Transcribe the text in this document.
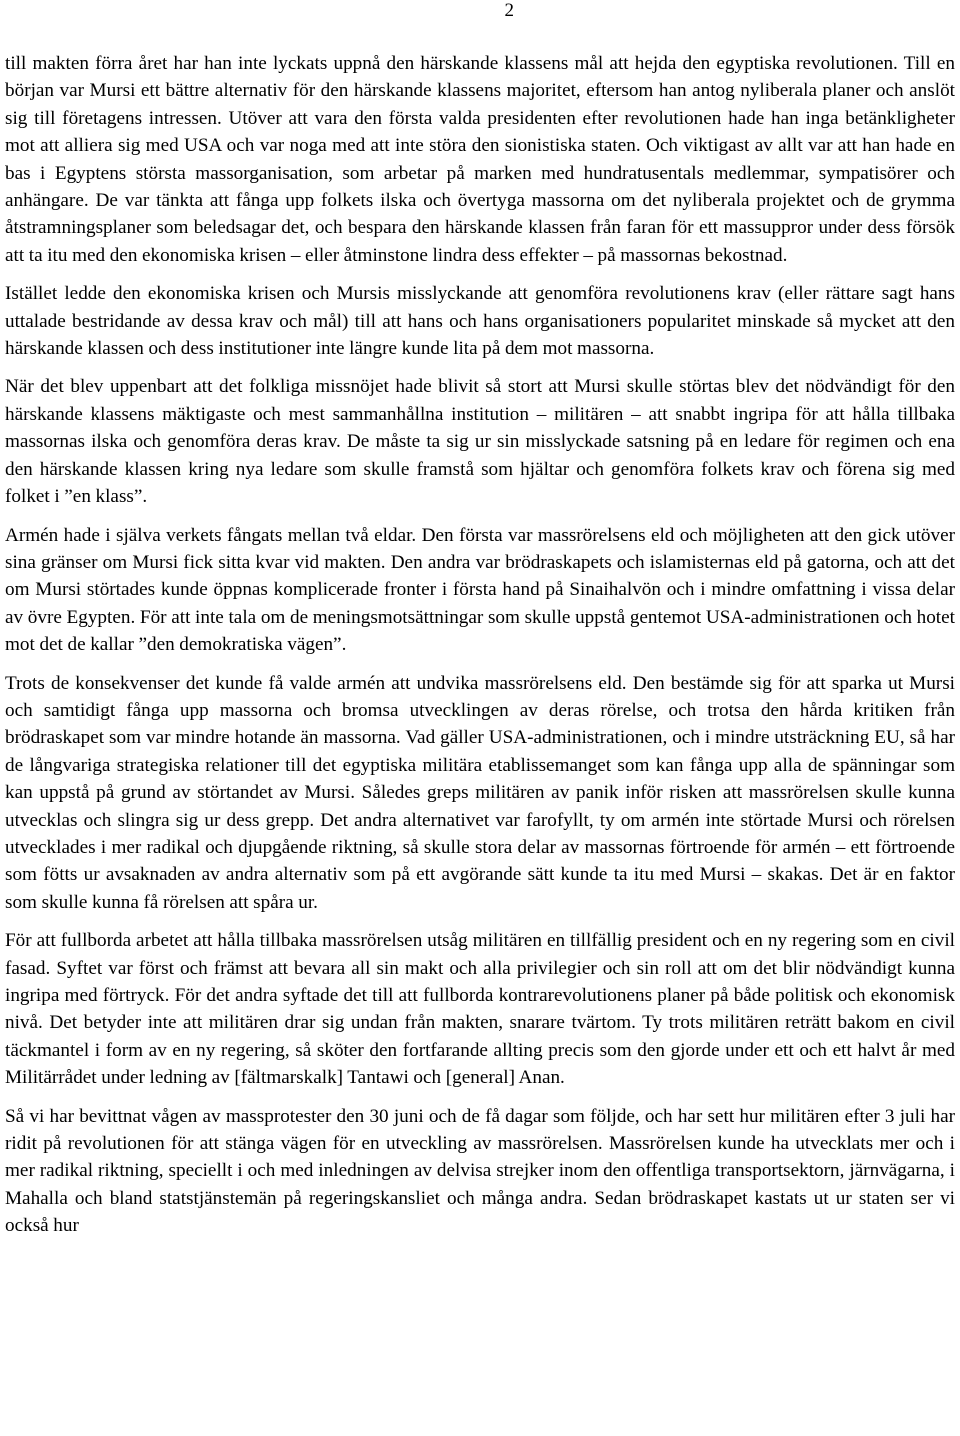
2

till makten förra året har han inte lyckats uppnå den härskande klassens mål att hejda den egyptiska revolutionen. Till en början var Mursi ett bättre alternativ för den härskande klassens majoritet, eftersom han antog nyliberala planer och anslöt sig till företagens intressen. Utöver att vara den första valda presidenten efter revolutionen hade han inga betänkligheter mot att alliera sig med USA och var noga med att inte störa den sionistiska staten. Och viktigast av allt var att han hade en bas i Egyptens största massorganisation, som arbetar på marken med hundratusentals medlemmar, sympatisörer och anhängare. De var tänkta att fånga upp folkets ilska och övertyga massorna om det nyliberala projektet och de grymma åtstramningsplaner som beledsagar det, och bespara den härskande klassen från faran för ett massuppror under dess försök att ta itu med den ekonomiska krisen – eller åtminstone lindra dess effekter – på massornas bekostnad.

Istället ledde den ekonomiska krisen och Mursis misslyckande att genomföra revolutionens krav (eller rättare sagt hans uttalade bestridande av dessa krav och mål) till att hans och hans organisationers popularitet minskade så mycket att den härskande klassen och dess institutioner inte längre kunde lita på dem mot massorna.

När det blev uppenbart att det folkliga missnöjet hade blivit så stort att Mursi skulle störtas blev det nödvändigt för den härskande klassens mäktigaste och mest sammanhållna institution – militären – att snabbt ingripa för att hålla tillbaka massornas ilska och genomföra deras krav. De måste ta sig ur sin misslyckade satsning på en ledare för regimen och ena den härskande klassen kring nya ledare som skulle framstå som hjältar och genomföra folkets krav och förena sig med folket i ”en klass”.

Armén hade i själva verkets fångats mellan två eldar. Den första var massrörelsens eld och möjligheten att den gick utöver sina gränser om Mursi fick sitta kvar vid makten. Den andra var brödraskapets och islamisternas eld på gatorna, och att det om Mursi störtades kunde öppnas komplicerade fronter i första hand på Sinaihalvön och i mindre omfattning i vissa delar av övre Egypten. För att inte tala om de meningsmotsättningar som skulle uppstå gentemot USA-administrationen och hotet mot det de kallar ”den demokratiska vägen”.

Trots de konsekvenser det kunde få valde armén att undvika massrörelsens eld. Den bestämde sig för att sparka ut Mursi och samtidigt fånga upp massorna och bromsa utvecklingen av deras rörelse, och trotsa den hårda kritiken från brödraskapet som var mindre hotande än massorna. Vad gäller USA-administrationen, och i mindre utsträckning EU, så har de långvariga strategiska relationer till det egyptiska militära etablissemanget som kan fånga upp alla de spänningar som kan uppstå på grund av störtandet av Mursi. Således greps militären av panik inför risken att massrörelsen skulle kunna utvecklas och slingra sig ur dess grepp. Det andra alternativet var farofyllt, ty om armén inte störtade Mursi och rörelsen utvecklades i mer radikal och djupgående riktning, så skulle stora delar av massornas förtroende för armén – ett förtroende som fötts ur avsaknaden av andra alternativ som på ett avgörande sätt kunde ta itu med Mursi – skakas. Det är en faktor som skulle kunna få rörelsen att spåra ur.

För att fullborda arbetet att hålla tillbaka massrörelsen utsåg militären en tillfällig president och en ny regering som en civil fasad. Syftet var först och främst att bevara all sin makt och alla privilegier och sin roll att om det blir nödvändigt kunna ingripa med förtryck. För det andra syftade det till att fullborda kontrarevolutionens planer på både politisk och ekonomisk nivå. Det betyder inte att militären drar sig undan från makten, snarare tvärtom. Ty trots militären reträtt bakom en civil täckmantel i form av en ny regering, så sköter den fortfarande allting precis som den gjorde under ett och ett halvt år med Militärrådet under ledning av [fältmarskalk] Tantawi och [general] Anan.

Så vi har bevittnat vågen av massprotester den 30 juni och de få dagar som följde, och har sett hur militären efter 3 juli har ridit på revolutionen för att stänga vägen för en utveckling av massrörelsen. Massrörelsen kunde ha utvecklats mer och i mer radikal riktning, speciellt i och med inledningen av delvisa strejker inom den offentliga transportsektorn, järnvägarna, i Mahalla och bland statstjänstemän på regeringskansliet och många andra. Sedan brödraskapet kastats ut ur staten ser vi också hur
